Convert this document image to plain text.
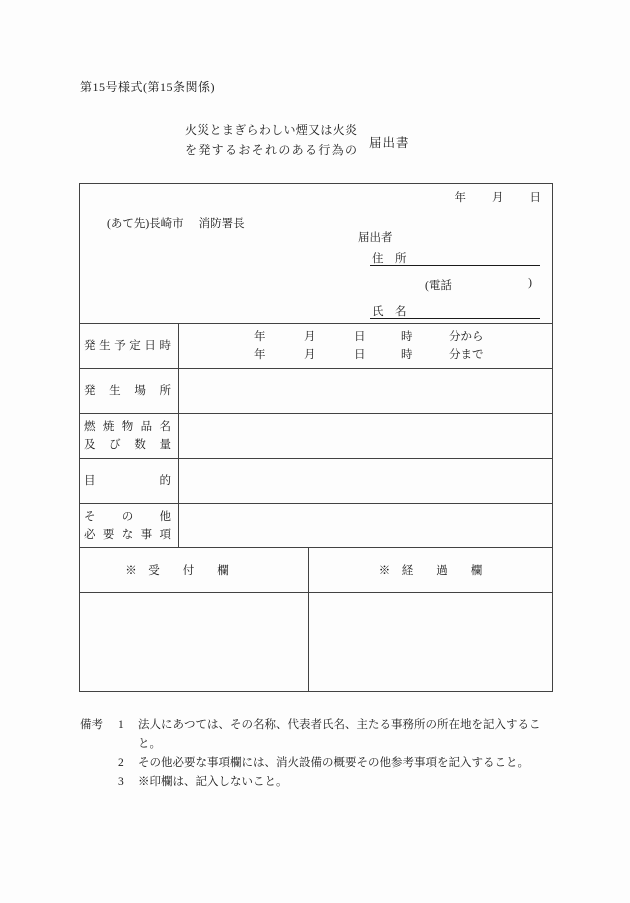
第15号様式(第15条関係)
火災とまぎらわしい煙又は火炎
を発するおそれのある行為の 届出書
年 月 日
(あて先)長崎市 消防署長
届出者
住　所
(電話	)
氏　名
発 生 予 定 日 時
年	月	日	時	分から
年	月	日	時	分まで
発 生 場 所
燃 焼 物 品 名
及 び 数 量
目 的
そ の 他
必 要 な 事 項
※　受　　付　　欄	※　経　　過　　欄
備考	1	法人にあつては、その名称、代表者氏名、主たる事務所の所在地を記入すること。
2	その他必要な事項欄には、消火設備の概要その他参考事項を記入すること。
3	※印欄は、記入しないこと。
